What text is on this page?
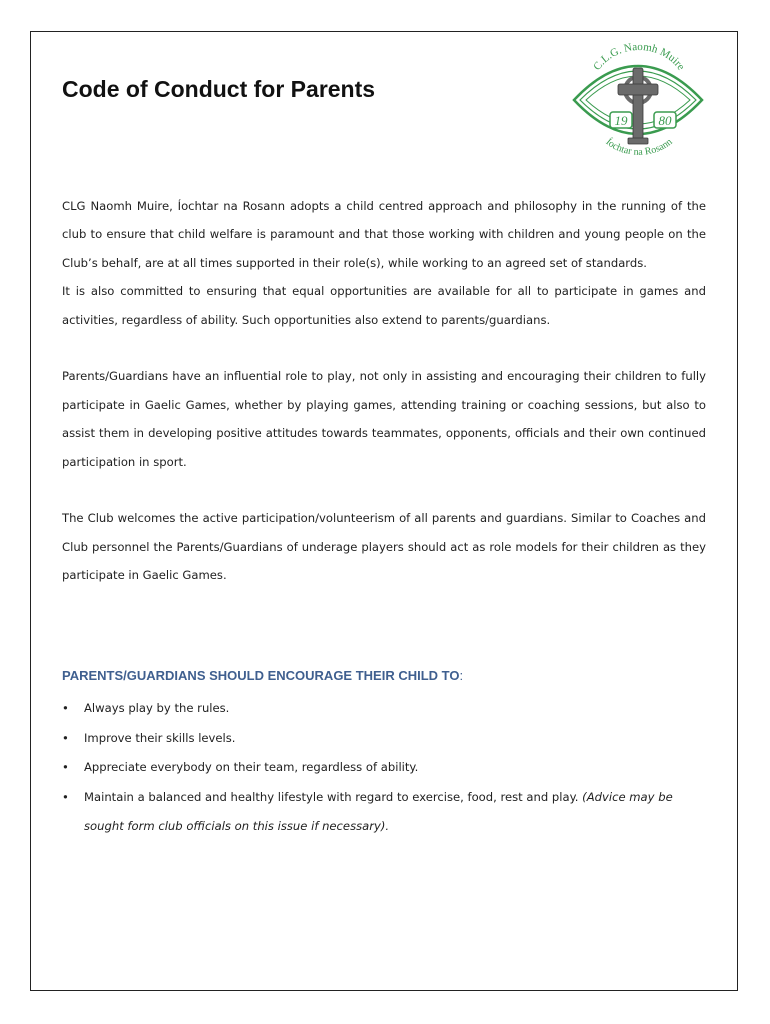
Code of Conduct for Parents
19 80
C.L.G. Naomh Muire
Íochtar na Rosann

CLG Naomh Muire, Íochtar na Rosann adopts a child centred approach and philosophy in the running of the club to ensure that child welfare is paramount and that those working with children and young people on the Club’s behalf, are at all times supported in their role(s), while working to an agreed set of standards.

It is also committed to ensuring that equal opportunities are available for all to participate in games and activities, regardless of ability. Such opportunities also extend to parents/guardians.

Parents/Guardians have an influential role to play, not only in assisting and encouraging their children to fully participate in Gaelic Games, whether by playing games, attending training or coaching sessions, but also to assist them in developing positive attitudes towards teammates, opponents, officials and their own continued participation in sport.

The Club welcomes the active participation/volunteerism of all parents and guardians. Similar to Coaches and Club personnel the Parents/Guardians of underage players should act as role models for their children as they participate in Gaelic Games.

PARENTS/GUARDIANS SHOULD ENCOURAGE THEIR CHILD TO:
• Always play by the rules.
• Improve their skills levels.
• Appreciate everybody on their team, regardless of ability.
• Maintain a balanced and healthy lifestyle with regard to exercise, food, rest and play. (Advice may be sought form club officials on this issue if necessary).
